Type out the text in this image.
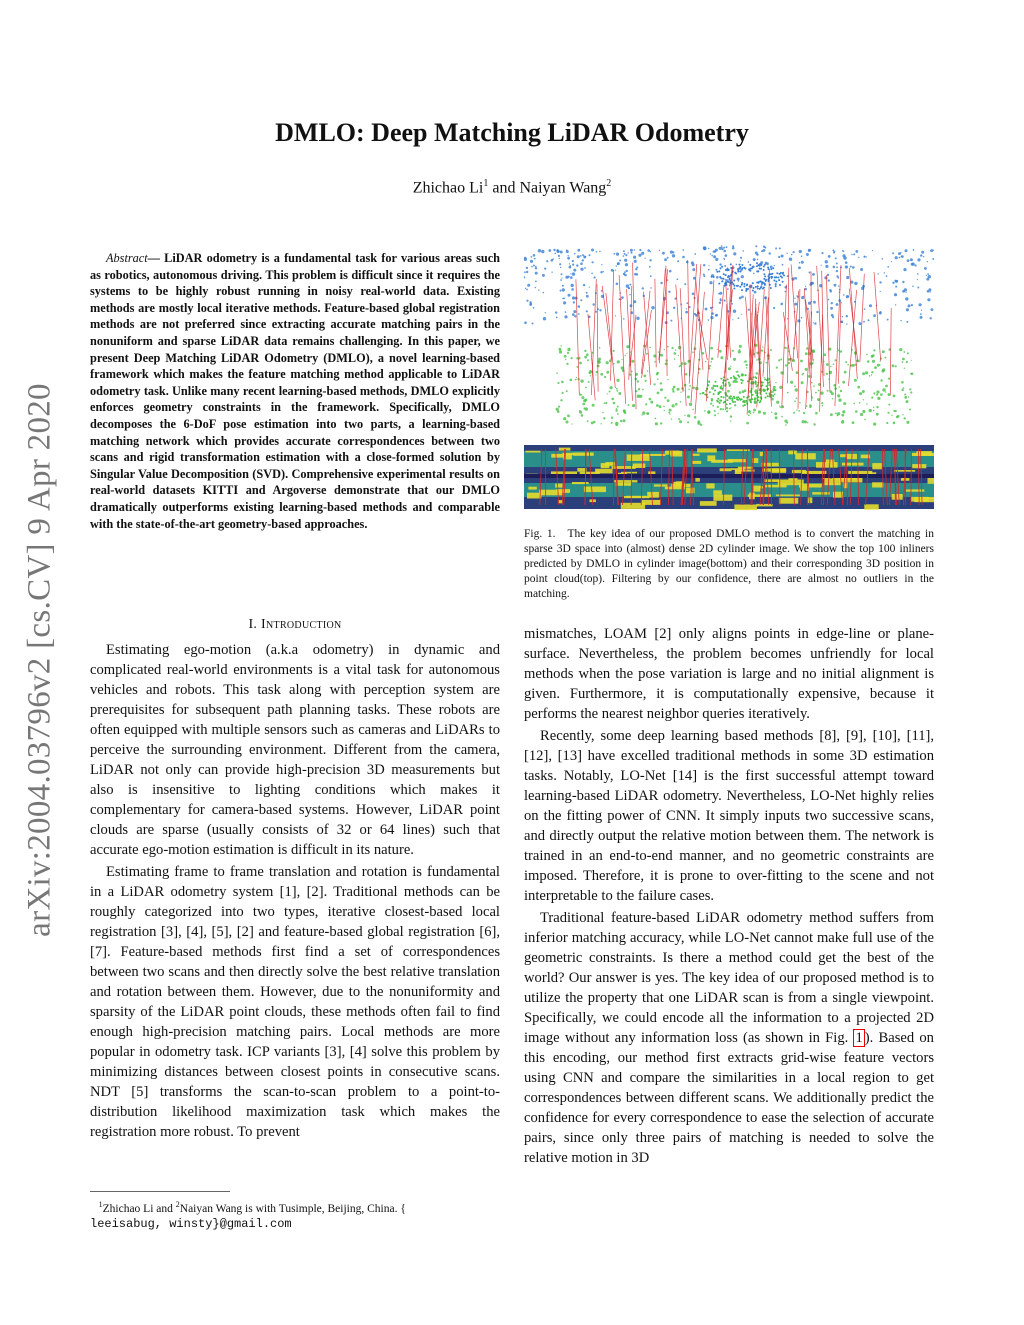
arXiv:2004.03796v2 [cs.CV] 9 Apr 2020
DMLO: Deep Matching LiDAR Odometry
Zhichao Li$^1$ and Naiyan Wang$^2$

Abstract— LiDAR odometry is a fundamental task for various areas such as robotics, autonomous driving. This problem is difficult since it requires the systems to be highly robust running in noisy real-world data. Existing methods are mostly local iterative methods. Feature-based global registration methods are not preferred since extracting accurate matching pairs in the nonuniform and sparse LiDAR data remains challenging. In this paper, we present Deep Matching LiDAR Odometry (DMLO), a novel learning-based framework which makes the feature matching method applicable to LiDAR odometry task. Unlike many recent learning-based methods, DMLO explicitly enforces geometry constraints in the framework. Specifically, DMLO decomposes the 6-DoF pose estimation into two parts, a learning-based matching network which provides accurate correspondences between two scans and rigid transformation estimation with a close-formed solution by Singular Value Decomposition (SVD). Comprehensive experimental results on real-world datasets KITTI and Argoverse demonstrate that our DMLO dramatically outperforms existing learning-based methods and comparable with the state-of-the-art geometry-based approaches.

I. Introduction

Estimating ego-motion (a.k.a odometry) in dynamic and complicated real-world environments is a vital task for autonomous vehicles and robots. This task along with perception system are prerequisites for subsequent path planning tasks. These robots are often equipped with multiple sensors such as cameras and LiDARs to perceive the surrounding environment. Different from the camera, LiDAR not only can provide high-precision 3D measurements but also is insensitive to lighting conditions which makes it complementary for camera-based systems. However, LiDAR point clouds are sparse (usually consists of 32 or 64 lines) such that accurate ego-motion estimation is difficult in its nature.

Estimating frame to frame translation and rotation is fundamental in a LiDAR odometry system [1], [2]. Traditional methods can be roughly categorized into two types, iterative closest-based local registration [3], [4], [5], [2] and feature-based global registration [6], [7]. Feature-based methods first find a set of correspondences between two scans and then directly solve the best relative translation and rotation between them. However, due to the nonuniformity and sparsity of the LiDAR point clouds, these methods often fail to find enough high-precision matching pairs. Local methods are more popular in odometry task. ICP variants [3], [4] solve this problem by minimizing distances between closest points in consecutive scans. NDT [5] transforms the scan-to-scan problem to a point-to-distribution likelihood maximization task which makes the registration more robust. To prevent

$^1$Zhichao Li and $^2$Naiyan Wang is with Tusimple, Beijing, China. {
leeisabug, winsty}@gmail.com
Fig. 1. The key idea of our proposed DMLO method is to convert the matching in sparse 3D space into (almost) dense 2D cylinder image. We show the top 100 inliners predicted by DMLO in cylinder image(bottom) and their corresponding 3D position in point cloud(top). Filtering by our confidence, there are almost no outliers in the matching.

mismatches, LOAM [2] only aligns points in edge-line or plane-surface. Nevertheless, the problem becomes unfriendly for local methods when the pose variation is large and no initial alignment is given. Furthermore, it is computationally expensive, because it performs the nearest neighbor queries iteratively.

Recently, some deep learning based methods [8], [9], [10], [11], [12], [13] have excelled traditional methods in some 3D estimation tasks. Notably, LO-Net [14] is the first successful attempt toward learning-based LiDAR odometry. Nevertheless, LO-Net highly relies on the fitting power of CNN. It simply inputs two successive scans, and directly output the relative motion between them. The network is trained in an end-to-end manner, and no geometric constraints are imposed. Therefore, it is prone to over-fitting to the scene and not interpretable to the failure cases.

Traditional feature-based LiDAR odometry method suffers from inferior matching accuracy, while LO-Net cannot make full use of the geometric constraints. Is there a method could get the best of the world? Our answer is yes. The key idea of our proposed method is to utilize the property that one LiDAR scan is from a single viewpoint. Specifically, we could encode all the information to a projected 2D image without any information loss (as shown in Fig. 1 ). Based on this encoding, our method first extracts grid-wise feature vectors using CNN and compare the similarities in a local region to get correspondences between different scans. We additionally predict the confidence for every correspondence to ease the selection of accurate pairs, since only three pairs of matching is needed to solve the relative motion in 3D
